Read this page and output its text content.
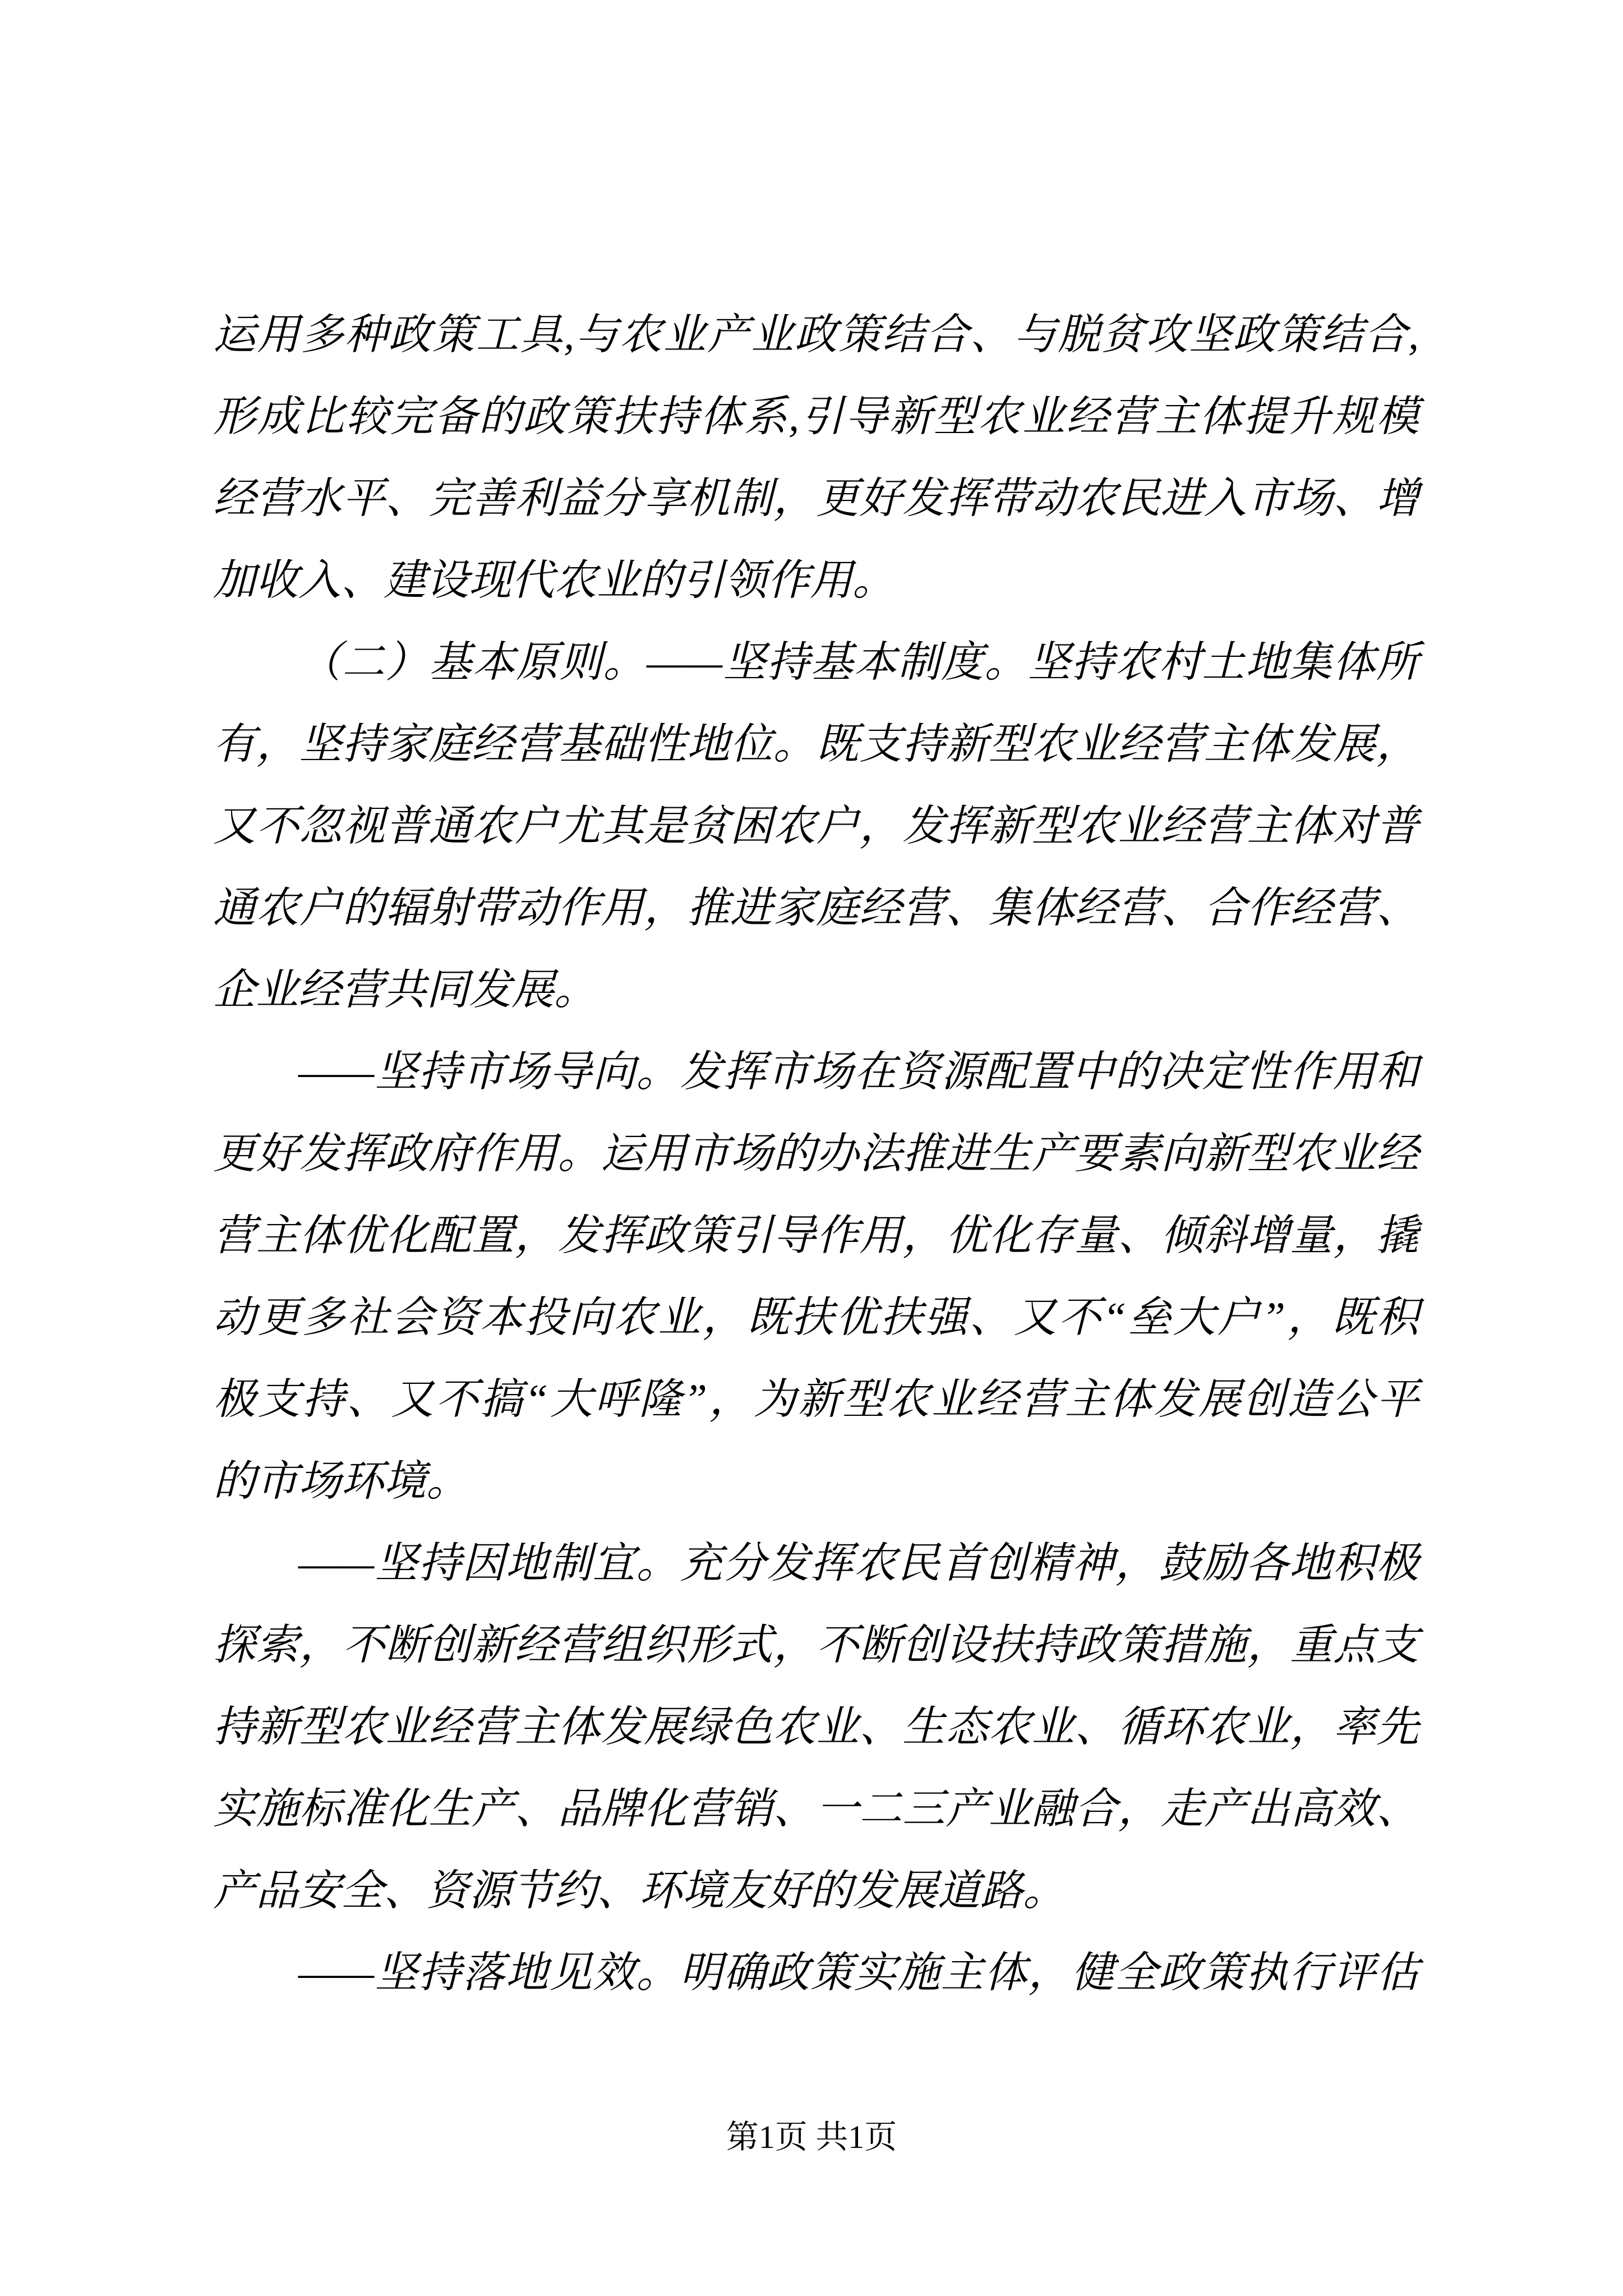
运用多种政策工具,与农业产业政策结合、与脱贫攻坚政策结合,
形成比较完备的政策扶持体系,引导新型农业经营主体提升规模
经营水平、完善利益分享机制，更好发挥带动农民进入市场、增
加收入、建设现代农业的引领作用。
（二）基本原则。——坚持基本制度。坚持农村土地集体所
有，坚持家庭经营基础性地位。既支持新型农业经营主体发展，
又不忽视普通农户尤其是贫困农户，发挥新型农业经营主体对普
通农户的辐射带动作用，推进家庭经营、集体经营、合作经营、
企业经营共同发展。
——坚持市场导向。发挥市场在资源配置中的决定性作用和
更好发挥政府作用。运用市场的办法推进生产要素向新型农业经
营主体优化配置，发挥政策引导作用，优化存量、倾斜增量，撬
动更多社会资本投向农业，既扶优扶强、又不“垒大户”，既积
极支持、又不搞“大呼隆”，为新型农业经营主体发展创造公平
的市场环境。
——坚持因地制宜。充分发挥农民首创精神，鼓励各地积极
探索，不断创新经营组织形式，不断创设扶持政策措施，重点支
持新型农业经营主体发展绿色农业、生态农业、循环农业，率先
实施标准化生产、品牌化营销、一二三产业融合，走产出高效、
产品安全、资源节约、环境友好的发展道路。
——坚持落地见效。明确政策实施主体，健全政策执行评估
第1页 共1页
